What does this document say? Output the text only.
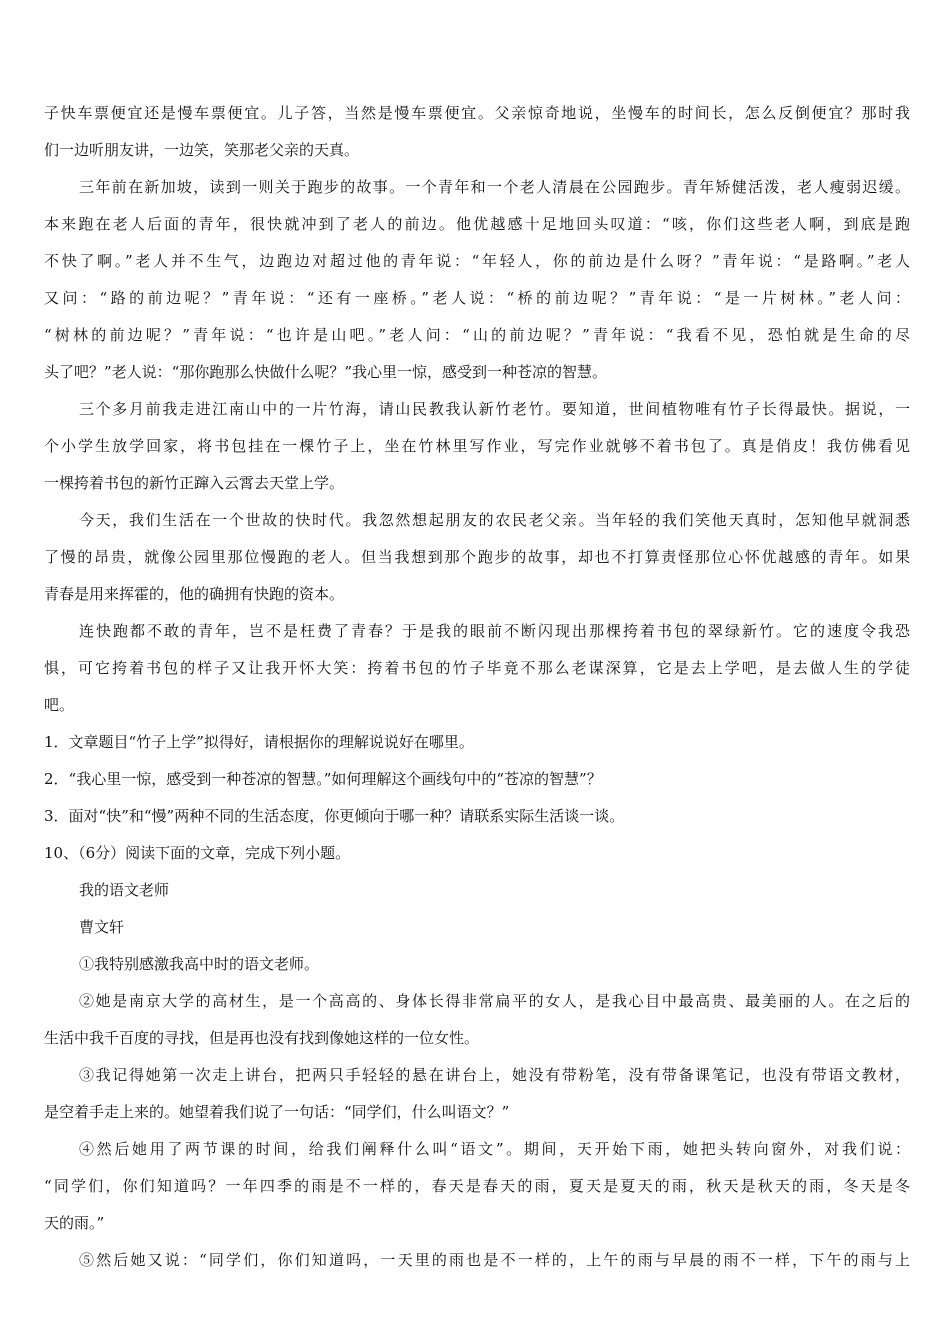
子快车票便宜还是慢车票便宜。儿子答，当然是慢车票便宜。父亲惊奇地说，坐慢车的时间长，怎么反倒便宜？那时我
们一边听朋友讲，一边笑，笑那老父亲的天真。
三年前在新加坡，读到一则关于跑步的故事。一个青年和一个老人清晨在公园跑步。青年矫健活泼，老人瘦弱迟缓。
本来跑在老人后面的青年，很快就冲到了老人的前边。他优越感十足地回头叹道：“咳，你们这些老人啊，到底是跑
不快了啊。”老人并不生气，边跑边对超过他的青年说：“年轻人，你的前边是什么呀？”青年说：“是路啊。”老人
又问：“路的前边呢？”青年说：“还有一座桥。”老人说：“桥的前边呢？”青年说：“是一片树林。”老人问：
“树林的前边呢？”青年说：“也许是山吧。”老人问：“山的前边呢？”青年说：“我看不见，恐怕就是生命的尽
头了吧？”老人说：“那你跑那么快做什么呢？”我心里一惊，感受到一种苍凉的智慧。
三个多月前我走进江南山中的一片竹海，请山民教我认新竹老竹。要知道，世间植物唯有竹子长得最快。据说，一
个小学生放学回家，将书包挂在一棵竹子上，坐在竹林里写作业，写完作业就够不着书包了。真是俏皮！我仿佛看见
一棵挎着书包的新竹正蹿入云霄去天堂上学。
今天，我们生活在一个世故的快时代。我忽然想起朋友的农民老父亲。当年轻的我们笑他天真时，怎知他早就洞悉
了慢的昂贵，就像公园里那位慢跑的老人。但当我想到那个跑步的故事，却也不打算责怪那位心怀优越感的青年。如果
青春是用来挥霍的，他的确拥有快跑的资本。
连快跑都不敢的青年，岂不是枉费了青春？于是我的眼前不断闪现出那棵挎着书包的翠绿新竹。它的速度令我恐
惧，可它挎着书包的样子又让我开怀大笑：挎着书包的竹子毕竟不那么老谋深算，它是去上学吧，是去做人生的学徒
吧。
1．文章题目“竹子上学”拟得好，请根据你的理解说说好在哪里。
2．“我心里一惊，感受到一种苍凉的智慧。”如何理解这个画线句中的“苍凉的智慧”？
3．面对“快”和“慢”两种不同的生活态度，你更倾向于哪一种？请联系实际生活谈一谈。
10、（6分）阅读下面的文章，完成下列小题。
我的语文老师
曹文轩
①我特别感激我高中时的语文老师。
②她是南京大学的高材生，是一个高高的、身体长得非常扁平的女人，是我心目中最高贵、最美丽的人。在之后的
生活中我千百度的寻找，但是再也没有找到像她这样的一位女性。
③我记得她第一次走上讲台，把两只手轻轻的悬在讲台上，她没有带粉笔，没有带备课笔记，也没有带语文教材，
是空着手走上来的。她望着我们说了一句话：“同学们，什么叫语文？”
④然后她用了两节课的时间，给我们阐释什么叫“语文”。期间，天开始下雨，她把头转向窗外，对我们说：
“同学们，你们知道吗？一年四季的雨是不一样的，春天是春天的雨，夏天是夏天的雨，秋天是秋天的雨，冬天是冬
天的雨。”
⑤然后她又说：“同学们，你们知道吗，一天里的雨也是不一样的，上午的雨与早晨的雨不一样，下午的雨与上
